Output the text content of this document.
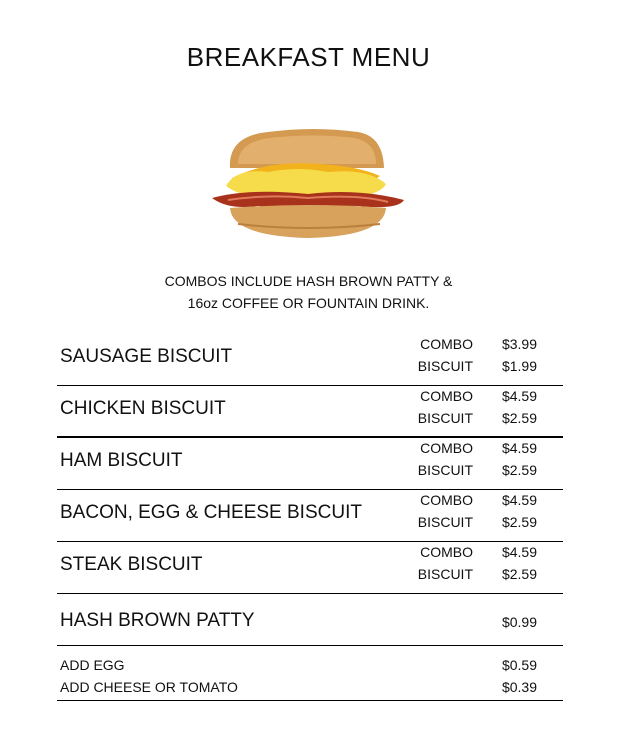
BREAKFAST MENU
COMBOS INCLUDE HASH BROWN PATTY &
16oz COFFEE OR FOUNTAIN DRINK.
SAUSAGE BISCUIT
COMBO	$3.99
BISCUIT	$1.99
CHICKEN BISCUIT
COMBO	$4.59
BISCUIT	$2.59
HAM BISCUIT
COMBO	$4.59
BISCUIT	$2.59
BACON, EGG & CHEESE BISCUIT
COMBO	$4.59
BISCUIT	$2.59
STEAK BISCUIT
COMBO	$4.59
BISCUIT	$2.59
HASH BROWN PATTY	$0.99
ADD EGG	$0.59
ADD CHEESE OR TOMATO	$0.39
